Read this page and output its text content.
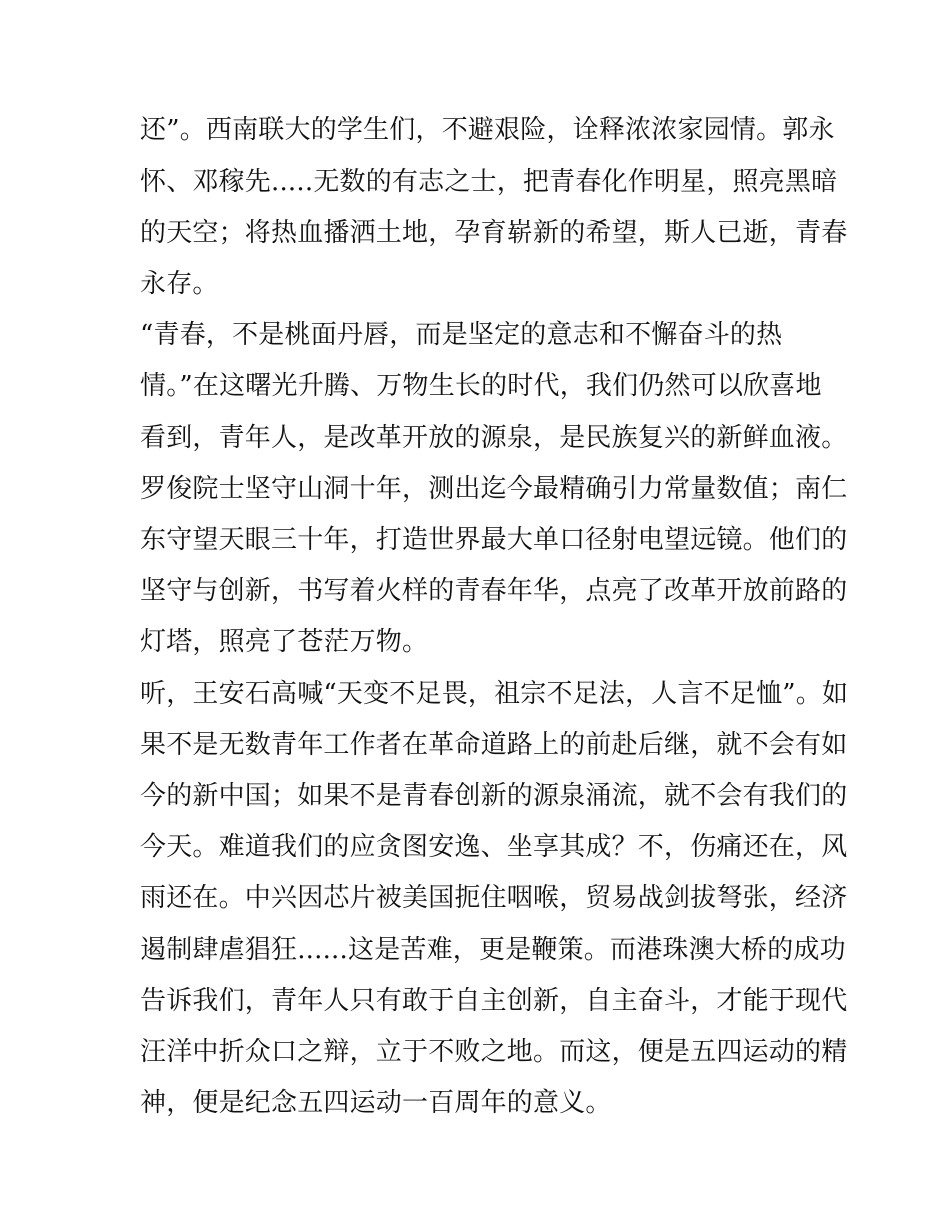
还”。西南联大的学生们，不避艰险，诠释浓浓家园情。郭永
怀、邓稼先.....无数的有志之士，把青春化作明星，照亮黑暗
的天空；将热血播洒土地，孕育崭新的希望，斯人已逝，青春
永存。
“青春，不是桃面丹唇，而是坚定的意志和不懈奋斗的热
情。”在这曙光升腾、万物生长的时代，我们仍然可以欣喜地
看到，青年人，是改革开放的源泉，是民族复兴的新鲜血液。
罗俊院士坚守山洞十年，测出迄今最精确引力常量数值；南仁
东守望天眼三十年，打造世界最大单口径射电望远镜。他们的
坚守与创新，书写着火样的青春年华，点亮了改革开放前路的
灯塔，照亮了苍茫万物。
听，王安石高喊“天变不足畏，祖宗不足法，人言不足恤”。如
果不是无数青年工作者在革命道路上的前赴后继，就不会有如
今的新中国；如果不是青春创新的源泉涌流，就不会有我们的
今天。难道我们的应贪图安逸、坐享其成？不，伤痛还在，风
雨还在。中兴因芯片被美国扼住咽喉，贸易战剑拔弩张，经济
遏制肆虐猖狂......这是苦难，更是鞭策。而港珠澳大桥的成功
告诉我们，青年人只有敢于自主创新，自主奋斗，才能于现代
汪洋中折众口之辩，立于不败之地。而这，便是五四运动的精
神，便是纪念五四运动一百周年的意义。
